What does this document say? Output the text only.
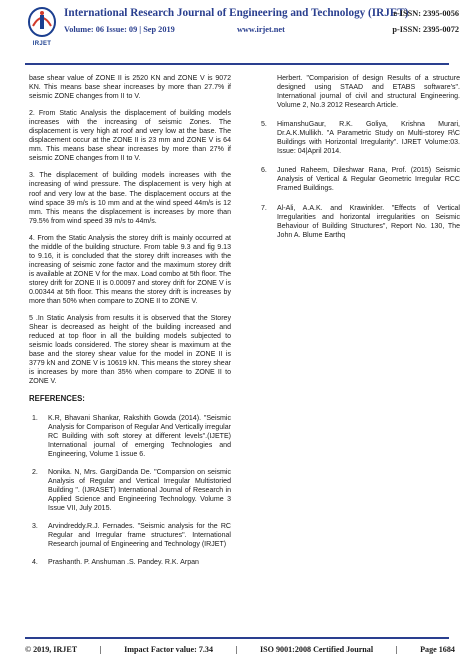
IRJET
International Research Journal of Engineering and Technology (IRJET)
Volume: 06 Issue: 09 | Sep 2019	www.irjet.net
e-ISSN: 2395-0056
p-ISSN: 2395-0072

base shear value of ZONE II is 2520 KN and ZONE V is 9072 KN. This means base shear increases by more than 27.7% if seismic ZONE changes from II to V.

2. From Static Analysis the displacement of building models increases with the increasing of seismic Zones. The displacement is very high at roof and very low at the base. The displacement occur at the ZONE II is 23 mm and ZONE V is 64 mm. This means base shear increases by more than 27% if seismic ZONE changes from II to V.

3. The displacement of building models increases with the increasing of wind pressure. The displacement is very high at roof and very low at the base. The displacement occurs at the wind space 39 m/s is 10 mm and at the wind speed 44m/s is 12 mm. This means the displacement is increases by more than 79.5% from wind speed 39 m/s to 44m/s.

4. From the Static Analysis the storey drift is mainly occurred at the middle of the building structure. From table 9.3 and fig 9.13 to 9.16, it is concluded that the storey drift increases with the increasing of seismic zone factor and the maximum storey drift is available at ZONE V for the max. Load combo at 5th floor. The storey drift for ZONE II is 0.00097 and storey drift for ZONE V is 0.00344 at 5th floor. This means the storey drift is increases by more than 50% when compare to ZONE II to ZONE V.

5 .In Static Analysis from results it is observed that the Storey Shear is decreased as height of the building increased and reduced at top floor in all the building models subjected to seismic loads considered. The storey shear is maximum at the base and the storey shear value for the model in ZONE II is 3779 kN and ZONE V is 10619 kN. This means the storey shear is increases by more than 35% when compare to ZONE II to ZONE V.

REFERENCES:
1.	K.R, Bhavani Shankar, Rakshith Gowda (2014). "Seismic Analysis for Comparison of Regular And Vertically irregular RC Building with soft storey at different levels".(IJETE) International journal of emerging Technologies and Engineering, Volume 1 issue 6.
2.	Nonika. N, Mrs. GargiDanda De. "Comparsion on seismic Analysis of Regular and Vertical Irregular Multistoried Building ". (IJRASET) International Journal of Research in Applied Science and Engineering Technology. Volume 3 Issue VII, July 2015.
3.	Arvindreddy.R.J. Fernades. "Seismic analysis for the RC Regular and Irregular frame structures". International Research journal of Engineering and Technology (IRJET)
4.	Prashanth. P. Anshuman .S. Pandey. R.K. Arpan
Herbert. "Comparision of design Results of a structure designed using STAAD and ETABS software's". International journal of civil and structural Engineering. Volume 2, No.3 2012 Research Article.
5.	HimanshuGaur, R.K. Goliya, Krishna Murari, Dr.A.K.Mullikh. "A Parametric Study on Multi-storey R\C Buildings with Horizontal Irregularity". IJRET Volume:03. Issue: 04|April 2014.
6.	Juned Raheem, Dileshwar Rana, Prof. (2015) Seismic Analysis of Vertical & Regular Geometric Irregular RCC Framed Buildings.
7.	Al-Ali, A.A.K. and Krawinkler. "Effects of Vertical Irregularities and horizontal irregularities on Seismic Behaviour of Building Structures", Report No. 130, The John A. Blume Earthq
© 2019, IRJET	|	Impact Factor value: 7.34	|	ISO 9001:2008 Certified Journal	|	Page 1684
